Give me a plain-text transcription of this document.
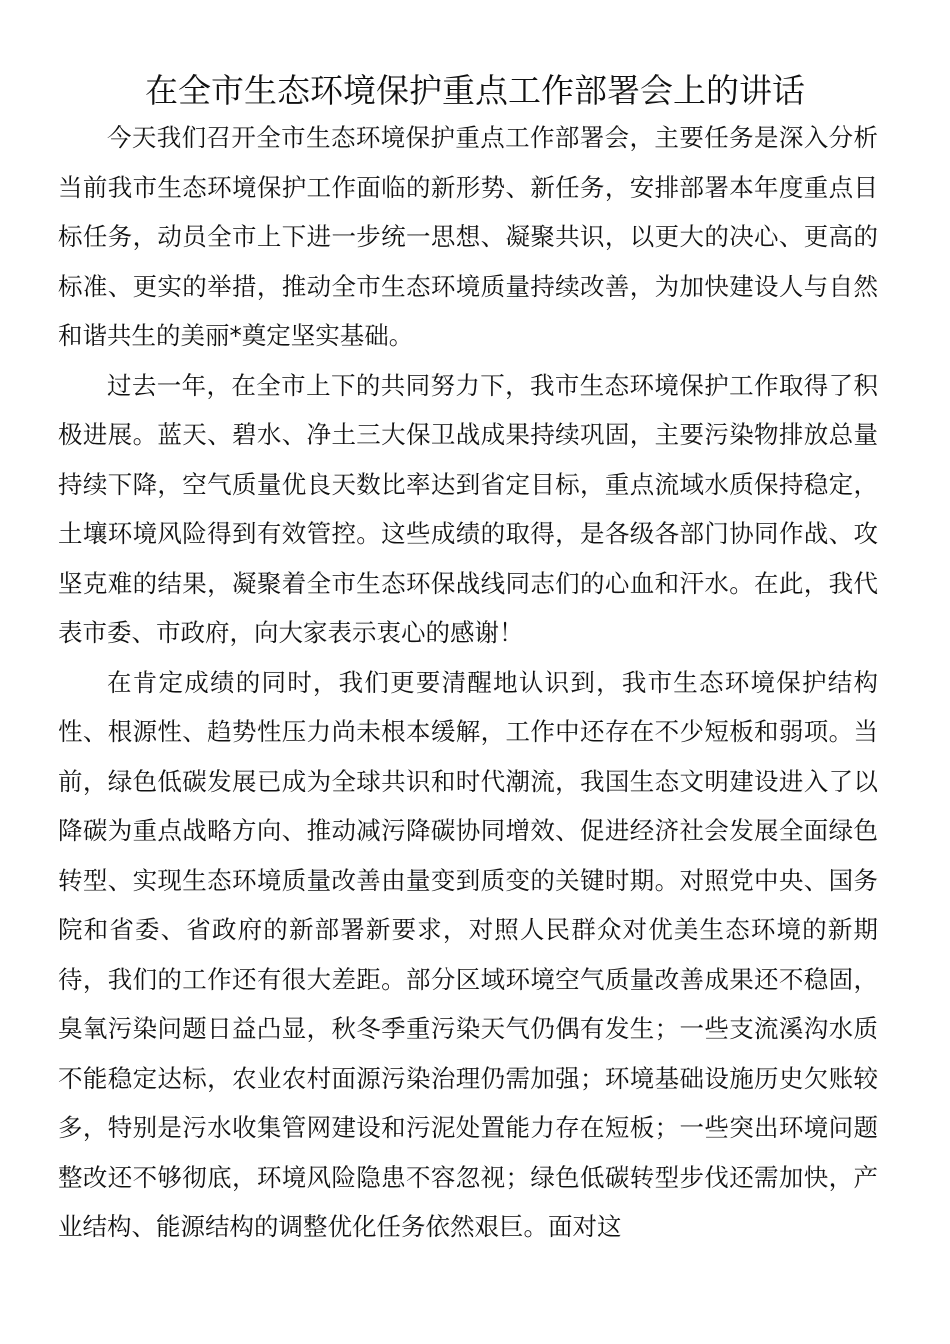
在全市生态环境保护重点工作部署会上的讲话

今天我们召开全市生态环境保护重点工作部署会，主要任务是深入分析当前我市生态环境保护工作面临的新形势、新任务，安排部署本年度重点目标任务，动员全市上下进一步统一思想、凝聚共识，以更大的决心、更高的标准、更实的举措，推动全市生态环境质量持续改善，为加快建设人与自然和谐共生的美丽*奠定坚实基础。

过去一年，在全市上下的共同努力下，我市生态环境保护工作取得了积极进展。蓝天、碧水、净土三大保卫战成果持续巩固，主要污染物排放总量持续下降，空气质量优良天数比率达到省定目标，重点流域水质保持稳定，土壤环境风险得到有效管控。这些成绩的取得，是各级各部门协同作战、攻坚克难的结果，凝聚着全市生态环保战线同志们的心血和汗水。在此，我代表市委、市政府，向大家表示衷心的感谢！

在肯定成绩的同时，我们更要清醒地认识到，我市生态环境保护结构性、根源性、趋势性压力尚未根本缓解，工作中还存在不少短板和弱项。当前，绿色低碳发展已成为全球共识和时代潮流，我国生态文明建设进入了以降碳为重点战略方向、推动减污降碳协同增效、促进经济社会发展全面绿色转型、实现生态环境质量改善由量变到质变的关键时期。对照党中央、国务院和省委、省政府的新部署新要求，对照人民群众对优美生态环境的新期待，我们的工作还有很大差距。部分区域环境空气质量改善成果还不稳固，臭氧污染问题日益凸显，秋冬季重污染天气仍偶有发生；一些支流溪沟水质不能稳定达标，农业农村面源污染治理仍需加强；环境基础设施历史欠账较多，特别是污水收集管网建设和污泥处置能力存在短板；一些突出环境问题整改还不够彻底，环境风险隐患不容忽视；绿色低碳转型步伐还需加快，产业结构、能源结构的调整优化任务依然艰巨。面对这
